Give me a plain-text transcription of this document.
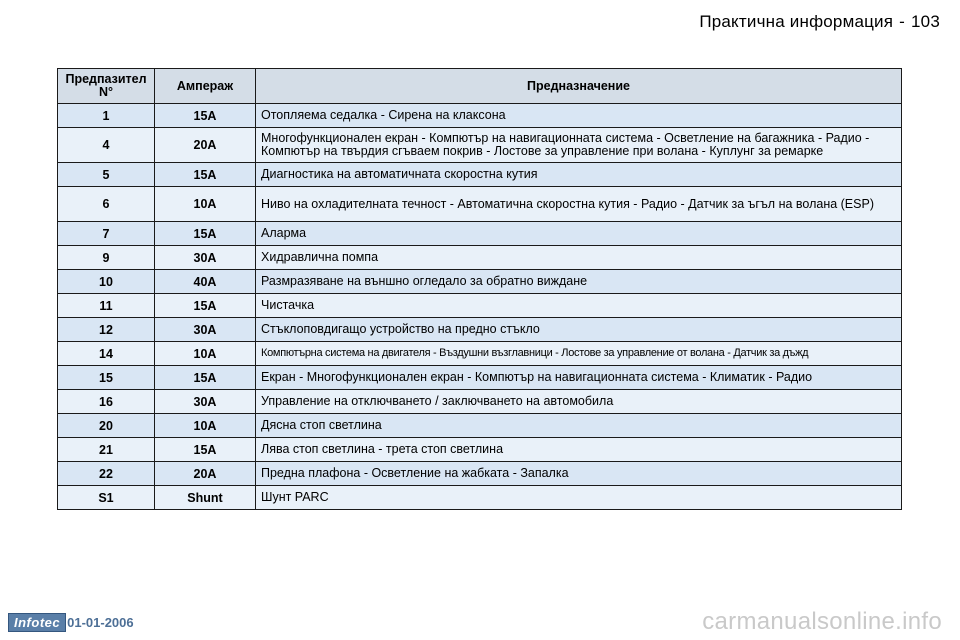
Практична информация - 103
Предпазител N°	Ампераж	Предназначение
1	15A	Отопляема седалка - Сирена на клаксона
4	20A	Многофункционален екран - Компютър на навигационната система - Осветление на багажника - Радио - Компютър на твърдия сгъваем покрив - Лостове за управление при волана - Куплунг за ремарке
5	15A	Диагностика на автоматичната скоростна кутия
6	10A	Ниво на охладителната течност - Автоматична скоростна кутия - Радио - Датчик за ъгъл на волана (ESP)
7	15A	Аларма
9	30A	Хидравлична помпа
10	40A	Размразяване на външно огледало за обратно виждане
11	15A	Чистачка
12	30A	Стъклоповдигащо устройство на предно стъкло
14	10A	Компютърна система на двигателя - Въздушни възглавници - Лостове за управление от волана - Датчик за дъжд
15	15A	Екран - Многофункционален екран - Компютър на навигационната система - Климатик - Радио
16	30A	Управление на отключването / заключването на автомобила
20	10A	Дясна стоп светлина
21	15A	Лява стоп светлина - трета стоп светлина
22	20A	Предна плафона - Осветление на жабката - Запалка
S1	Shunt	Шунт PARC
Infotec 01-01-2006	carmanualsonline.info
